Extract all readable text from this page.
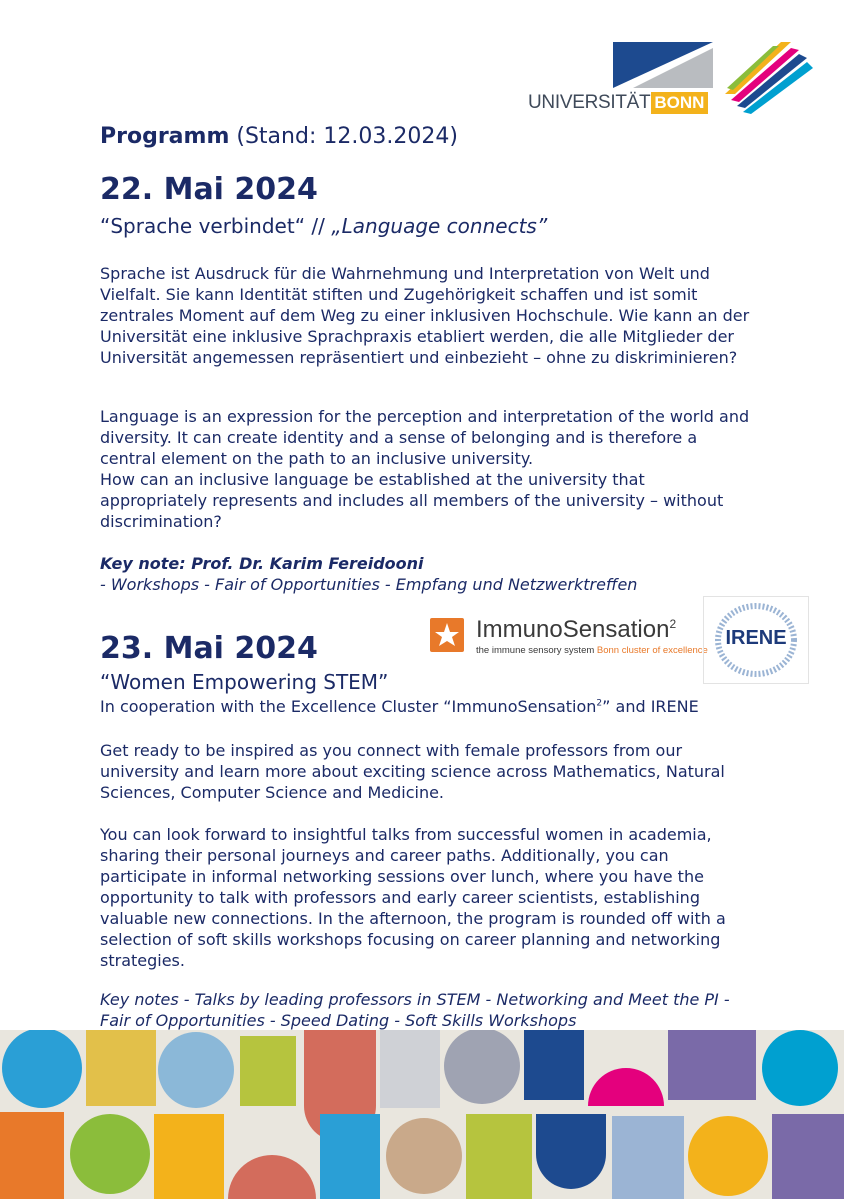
UNIVERSITÄT BONN
Programm (Stand: 12.03.2024)
22. Mai 2024
“Sprache verbindet“ // „Language connects”

Sprache ist Ausdruck für die Wahrnehmung und Interpretation von Welt und Vielfalt. Sie kann Identität stiften und Zugehörigkeit schaffen und ist somit zentrales Moment auf dem Weg zu einer inklusiven Hochschule. Wie kann an der Universität eine inklusive Sprachpraxis etabliert werden, die alle Mitglieder der Universität angemessen repräsentiert und einbezieht – ohne zu diskriminieren?

Language is an expression for the perception and interpretation of the world and diversity. It can create identity and a sense of belonging and is therefore a central element on the path to an inclusive university.

How can an inclusive language be established at the university that appropriately represents and includes all members of the university – without discrimination?

Key note: Prof. Dr. Karim Fereidooni

- Workshops - Fair of Opportunities - Empfang und Netzwerktreffen

ImmunoSensation$^2$
the immune sensory system Bonn cluster of excellence
IRENE
23. Mai 2024
“Women Empowering STEM”
In cooperation with the Excellence Cluster “ImmunoSensation$^2$” and IRENE

Get ready to be inspired as you connect with female professors from our university and learn more about exciting science across Mathematics, Natural Sciences, Computer Science and Medicine.

You can look forward to insightful talks from successful women in academia, sharing their personal journeys and career paths. Additionally, you can participate in informal networking sessions over lunch, where you have the opportunity to talk with professors and early career scientists, establishing valuable new connections. In the afternoon, the program is rounded off with a selection of soft skills workshops focusing on career planning and networking strategies.

Key notes - Talks by leading professors in STEM - Networking and Meet the PI - Fair of Opportunities - Speed Dating - Soft Skills Workshops
